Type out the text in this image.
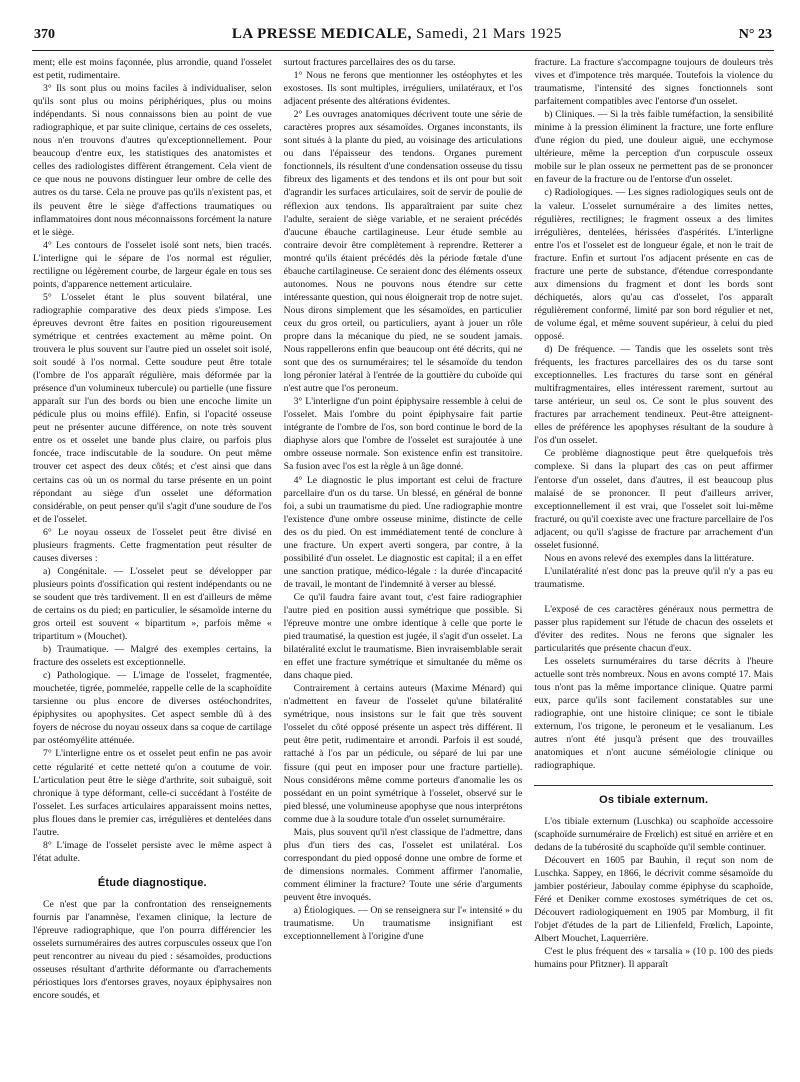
370	LA PRESSE MEDICALE, Samedi, 21 Mars 1925	N° 23

ment; elle est moins façonnée, plus arrondie, quand l'osselet est petit, rudimentaire.

3° Ils sont plus ou moins faciles à individualiser, selon qu'ils sont plus ou moins périphériques, plus ou moins indépendants. Si nous connaissons bien au point de vue radiographique, et par suite clinique, certains de ces osselets, nous n'en trouvons d'autres qu'exceptionnellement. Pour beaucoup d'entre eux, les statistiques des anatomistes et celles des radiologistes diffèrent étrangement. Cela vient de ce que nous ne pouvons distinguer leur ombre de celle des autres os du tarse. Cela ne prouve pas qu'ils n'existent pas, et ils peuvent être le siège d'affections traumatiques ou inflammatoires dont nous méconnaissons forcément la nature et le siège.

4° Les contours de l'osselet isolé sont nets, bien tracés. L'interligne qui le sépare de l'os normal est régulier, rectiligne ou légèrement courbe, de largeur égale en tous ses points, d'apparence nettement articulaire.

5° L'osselet étant le plus souvent bilatéral, une radiographie comparative des deux pieds s'impose. Les épreuves devront être faites en position rigoureusement symétrique et centrées exactement au même point. On trouvera le plus souvent sur l'autre pied un osselet soit isolé, soit soudé à l'os normal. Cette soudure peut être totale (l'ombre de l'os apparaît régulière, mais déformée par la présence d'un volumineux tubercule) ou partielle (une fissure apparaît sur l'un des bords ou bien une encoche limite un pédicule plus ou moins effilé). Enfin, si l'opacité osseuse peut ne présenter aucune différence, on note très souvent entre os et osselet une bande plus claire, ou parfois plus foncée, trace indiscutable de la soudure. On peut même trouver cet aspect des deux côtés; et c'est ainsi que dans certains cas où un os normal du tarse présente en un point répondant au siège d'un osselet une déformation considérable, on peut penser qu'il s'agit d'une soudure de l'os et de l'osselet.

6° Le noyau osseux de l'osselet peut être divisé en plusieurs fragments. Cette fragmentation peut résulter de causes diverses :

a) Congénitale. — L'osselet peut se développer par plusieurs points d'ossification qui restent indépendants ou ne se soudent que très tardivement. Il en est d'ailleurs de même de certains os du pied; en particulier, le sésamoïde interne du gros orteil est souvent « bipartitum », parfois même « tripartitum » (Mouchet).

b) Traumatique. — Malgré des exemples certains, la fracture des osselets est exceptionnelle.

c) Pathologique. — L'image de l'osselet, fragmentée, mouchetée, tigrée, pommelée, rappelle celle de la scaphoïdite tarsienne ou plus encore de diverses ostéochondrites, épiphysites ou apophysites. Cet aspect semble dû à des foyers de nécrose du noyau osseux dans sa coque de cartilage par ostéomyélite atténuée.

7° L'interligne entre os et osselet peut enfin ne pas avoir cette régularité et cette netteté qu'on a coutume de voir. L'articulation peut être le siège d'arthrite, soit subaiguë, soit chronique à type déformant, celle-ci succédant à l'ostéite de l'osselet. Les surfaces articulaires apparaissent moins nettes, plus floues dans le premier cas, irrégulières et dentelées dans l'autre.

8° L'image de l'osselet persiste avec le même aspect à l'état adulte.

Étude diagnostique.

Ce n'est que par la confrontation des renseignements fournis par l'anamnèse, l'examen clinique, la lecture de l'épreuve radiographique, que l'on pourra différencier les osselets surnuméraires des autres corpuscules osseux que l'on peut rencontrer au niveau du pied : sésamoïdes, productions osseuses résultant d'arthrite déformante ou d'arrachements périostiques lors d'entorses graves, noyaux épiphysaires non encore soudés, et

surtout fractures parcellaires des os du tarse.

1° Nous ne ferons que mentionner les ostéophytes et les exostoses. Ils sont multiples, irréguliers, unilatéraux, et l'os adjacent présente des altérations évidentes.

2° Les ouvrages anatomiques décrivent toute une série de caractères propres aux sésamoïdes. Organes inconstants, ils sont situés à la plante du pied, au voisinage des articulations ou dans l'épaisseur des tendons. Organes purement fonctionnels, ils résultent d'une condensation osseuse du tissu fibreux des ligaments et des tendons et ils ont pour but soit d'agrandir les surfaces articulaires, soit de servir de poulie de réflexion aux tendons. Ils apparaîtraient par suite chez l'adulte, seraient de siège variable, et ne seraient précédés d'aucune ébauche cartilagineuse. Leur étude semble au contraire devoir être complètement à reprendre. Retterer a montré qu'ils étaient précédés dès la période fœtale d'une ébauche cartilagineuse. Ce seraient donc des éléments osseux autonomes. Nous ne pouvons nous étendre sur cette intéressante question, qui nous éloignerait trop de notre sujet. Nous dirons simplement que les sésamoïdes, en particulier ceux du gros orteil, ou particuliers, ayant à jouer un rôle propre dans la mécanique du pied, ne se soudent jamais. Nous rappellerons enfin que beaucoup ont été décrits, qui ne sont que des os surnuméraires; tel le sésamoïde du tendon long péronier latéral à l'entrée de la gouttière du cuboïde qui n'est autre que l'os peroneum.

3° L'interligne d'un point épiphysaire ressemble à celui de l'osselet. Mais l'ombre du point épiphysaire fait partie intégrante de l'ombre de l'os, son bord continue le bord de la diaphyse alors que l'ombre de l'osselet est surajoutée à une ombre osseuse normale. Son existence enfin est transitoire. Sa fusion avec l'os est la règle à un âge donné.

4° Le diagnostic le plus important est celui de fracture parcellaire d'un os du tarse. Un blessé, en général de bonne foi, a subi un traumatisme du pied. Une radiographie montre l'existence d'une ombre osseuse minime, distincte de celle des os du pied. On est immédiatement tenté de conclure à une fracture. Un expert averti songera, par contre, à la possibilité d'un osselet. Le diagnostic est capital; il a en effet une sanction pratique, médico-légale : la durée d'incapacité de travail, le montant de l'indemnité à verser au blessé.

Ce qu'il faudra faire avant tout, c'est faire radiographier l'autre pied en position aussi symétrique que possible. Si l'épreuve montre une ombre identique à celle que porte le pied traumatisé, la question est jugée, il s'agit d'un osselet. La bilatéralité exclut le traumatisme. Bien invraisemblable serait en effet une fracture symétrique et simultanée du même os dans chaque pied.

Contrairement à certains auteurs (Maxime Ménard) qui n'admettent en faveur de l'osselet qu'une bilatéralité symétrique, nous insistons sur le fait que très souvent l'osselet du côté opposé présente un aspect très différent. Il peut être petit, rudimentaire et arrondi. Parfois il est soudé, rattaché à l'os par un pédicule, ou séparé de lui par une fissure (qui peut en imposer pour une fracture partielle). Nous considérons même comme porteurs d'anomalie les os possédant en un point symétrique à l'osselet, observé sur le pied blessé, une volumineuse apophyse que nous interprétons comme due à la soudure totale d'un osselet surnuméraire.

Mais, plus souvent qu'il n'est classique de l'admettre, dans plus d'un tiers des cas, l'osselet est unilatéral. Los correspondant du pied opposé donne une ombre de forme et de dimensions normales. Comment affirmer l'anomalie, comment éliminer la fracture? Toute une série d'arguments peuvent être invoqués.

a) Étiologiques. — On se renseignera sur l'« intensité » du traumatisme. Un traumatisme insignifiant est exceptionnellement à l'origine d'une

fracture. La fracture s'accompagne toujours de douleurs très vives et d'impotence très marquée. Toutefois la violence du traumatisme, l'intensité des signes fonctionnels sont parfaitement compatibles avec l'entorse d'un osselet.

b) Cliniques. — Si la très faible tuméfaction, la sensibilité minime à la pression éliminent la fracture, une forte enflure d'une région du pied, une douleur aiguë, une ecchymose ultérieure, même la perception d'un corpuscule osseux mobile sur le plan osseux ne permettent pas de se prononcer en faveur de la fracture ou de l'entorse d'un osselet.

c) Radiologiques. — Les signes radiologiques seuls ont de la valeur. L'osselet surnuméraire a des limites nettes, régulières, rectilignes; le fragment osseux a des limites irrégulières, dentelées, hérissées d'aspérités. L'interligne entre l'os et l'osselet est de longueur égale, et non le trait de fracture. Enfin et surtout l'os adjacent présente en cas de fracture une perte de substance, d'étendue correspondante aux dimensions du fragment et dont les bords sont déchiquetés, alors qu'au cas d'osselet, l'os apparaît régulièrement conformé, limité par son bord régulier et net, de volume égal, et même souvent supérieur, à celui du pied opposé.

d) De fréquence. — Tandis que les osselets sont très fréquents, les fractures parcellaires des os du tarse sont exceptionnelles. Les fractures du tarse sont en général multifragmentaires, elles intéressent rarement, surtout au tarse antérieur, un seul os. Ce sont le plus souvent des fractures par arrachement tendineux. Peut-être atteignent-elles de préférence les apophyses résultant de la soudure à l'os d'un osselet.

Ce problème diagnostique peut être quelquefois très complexe. Si dans la plupart des cas on peut affirmer l'entorse d'un osselet, dans d'autres, il est beaucoup plus malaisé de se prononcer. Il peut d'ailleurs arriver, exceptionnellement il est vrai, que l'osselet soit lui-même fracturé, ou qu'il coexiste avec une fracture parcellaire de l'os adjacent, ou qu'il s'agisse de fracture par arrachement d'un osselet fusionné.

Nous en avons relevé des exemples dans la littérature.

L'unilatéralité n'est donc pas la preuve qu'il n'y a pas eu traumatisme.

L'exposé de ces caractères généraux nous permettra de passer plus rapidement sur l'étude de chacun des osselets et d'éviter des redites. Nous ne ferons que signaler les particularités que présente chacun d'eux.

Les osselets surnuméraires du tarse décrits à l'heure actuelle sont très nombreux. Nous en avons compté 17. Mais tous n'ont pas la même importance clinique. Quatre parmi eux, parce qu'ils sont facilement constatables sur une radiographie, ont une histoire clinique; ce sont le tibiale externum, l'os trigone, le peroneum et le vesalianum. Les autres n'ont été jusqu'à présent que des trouvailles anatomiques et n'ont aucune séméiologie clinique ou radiographique.

Os tibiale externum.

L'os tibiale externum (Luschka) ou scaphoïde accessoire (scaphoïde surnuméraire de Frœlich) est situé en arrière et en dedans de la tubérosité du scaphoïde qu'il semble continuer.

Découvert en 1605 par Bauhin, il reçut son nom de Luschka. Sappey, en 1866, le décrivit comme sésamoïde du jambier postérieur, Jaboulay comme épiphyse du scaphoïde, Féré et Deniker comme exostoses symétriques de cet os. Découvert radiologiquement en 1905 par Momburg, il fit l'objet d'études de la part de Lilienfeld, Frœlich, Lapointe, Albert Mouchet, Laquerrière.

C'est le plus fréquent des « tarsalia » (10 p. 100 des pieds humains pour Pfitzner). Il apparaît
